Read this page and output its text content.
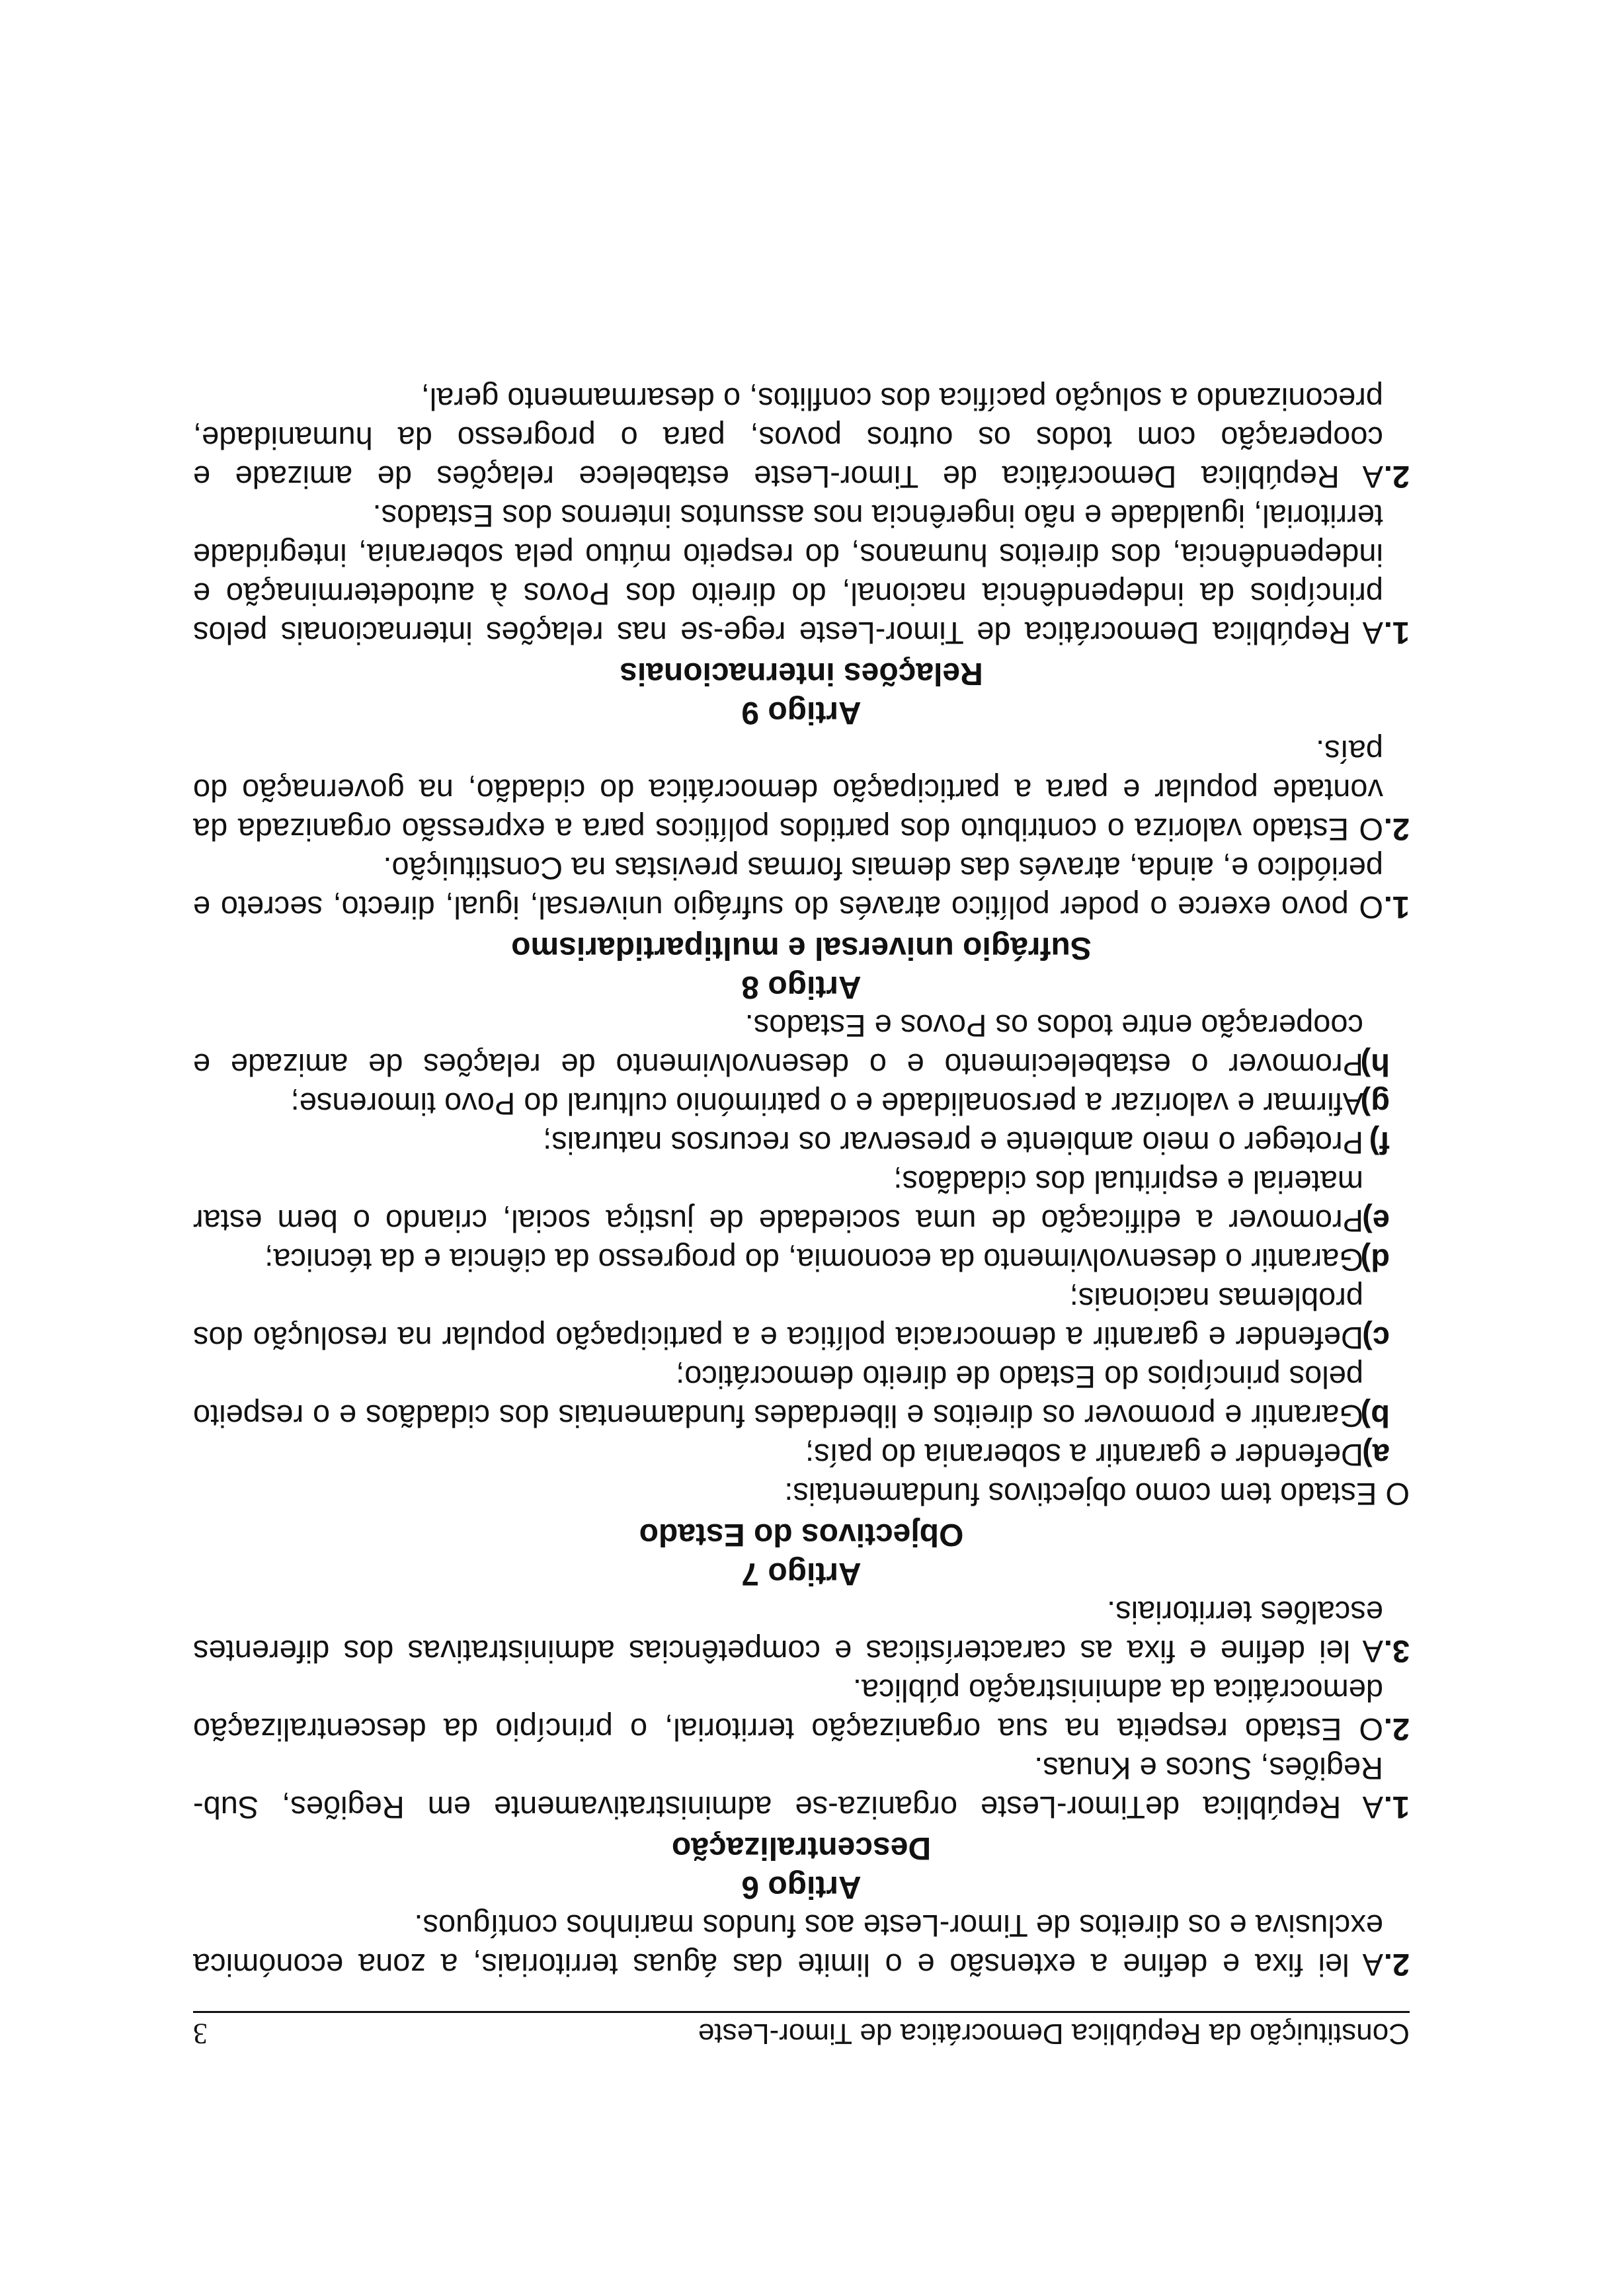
Constituição da República Democrática de Timor-Leste
3
2.
A lei fixa e define a extensão e o limite das águas territoriais, a zona económica exclusiva e os direitos de Timor-Leste aos fundos marinhos contíguos.

Artigo 6

Descentralização

1.
A República deTimor-Leste organiza-se administrativamente em Regiões, Sub-Regiões, Sucos e Knuas.
2.
O Estado respeita na sua organização territorial, o princípio da descentralização democrática da administração pública.
3.
A lei define e fixa as características e competências administrativas dos diferentes escalões territoriais.

Artigo 7

Objectivos do Estado

O Estado tem como objectivos fundamentais:

a)
Defender e garantir a soberania do país;
b)
Garantir e promover os direitos e liberdades fundamentais dos cidadãos e o respeito pelos princípios do Estado de direito democrático;
c)
Defender e garantir a democracia política e a participação popular na resolução dos problemas nacionais;
d)
Garantir o desenvolvimento da economia, do progresso da ciência e da técnica;
e)
Promover a edificação de uma sociedade de justiça social, criando o bem estar material e espiritual dos cidadãos;
f)
Proteger o meio ambiente e preservar os recursos naturais;
g)
Afirmar e valorizar a personalidade e o património cultural do Povo timorense;
h)
Promover o estabelecimento e o desenvolvimento de relações de amizade e cooperação entre todos os Povos e Estados.

Artigo 8

Sufrágio universal e multipartidarismo

1.
O povo exerce o poder político através do sufrágio universal, igual, directo, secreto e periódico e, ainda, através das demais formas previstas na Constituição.
2.
O Estado valoriza o contributo dos partidos políticos para a expressão organizada da vontade popular e para a participação democrática do cidadão, na governação do país.

Artigo 9

Relações internacionais

1.
A República Democrática de Timor-Leste rege-se nas relações internacionais pelos princípios da independência nacional, do direito dos Povos à autodeterminação e independência, dos direitos humanos, do respeito mútuo pela soberania, integridade territorial, igualdade e não ingerência nos assuntos internos dos Estados.
2.
A República Democrática de Timor-Leste estabelece relações de amizade e cooperação com todos os outros povos, para o progresso da humanidade, preconizando a solução pacífica dos conflitos, o desarmamento geral,
